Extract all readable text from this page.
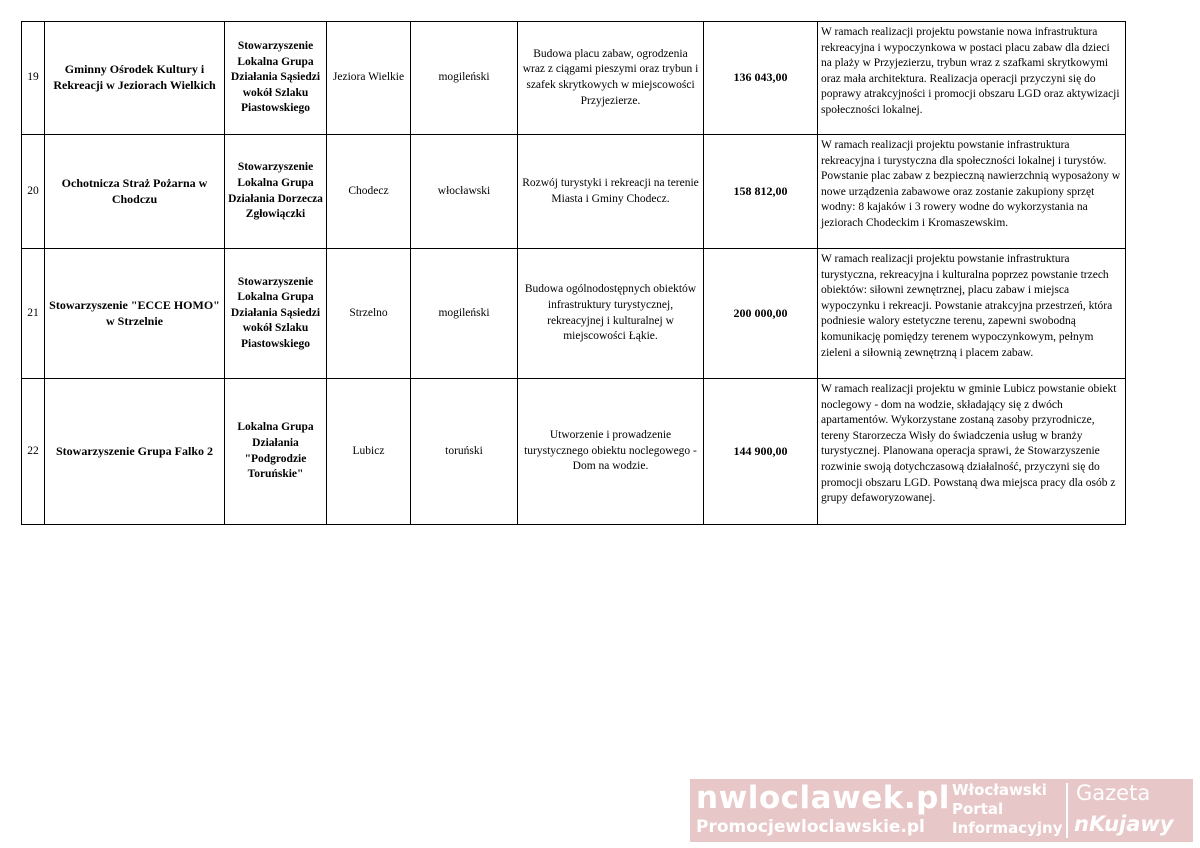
19	Gminny Ośrodek Kultury i Rekreacji w Jeziorach Wielkich	Stowarzyszenie Lokalna Grupa Działania Sąsiedzi wokół Szlaku Piastowskiego	Jeziora Wielkie	mogileński	Budowa placu zabaw, ogrodzenia wraz z ciągami pieszymi oraz trybun i szafek skrytkowych w miejscowości Przyjezierze.	136 043,00	W ramach realizacji projektu powstanie nowa infrastruktura rekreacyjna i wypoczynkowa w postaci placu zabaw dla dzieci na plaży w Przyjezierzu, trybun wraz z szafkami skrytkowymi oraz mała architektura. Realizacja operacji przyczyni się do poprawy atrakcyjności i promocji obszaru LGD oraz aktywizacji społeczności lokalnej.
20	Ochotnicza Straż Pożarna w Chodczu	Stowarzyszenie Lokalna Grupa Działania Dorzecza Zgłowiączki	Chodecz	włocławski	Rozwój turystyki i rekreacji na terenie Miasta i Gminy Chodecz.	158 812,00	W ramach realizacji projektu powstanie infrastruktura rekreacyjna i turystyczna dla społeczności lokalnej i turystów. Powstanie plac zabaw z bezpieczną nawierzchnią wyposażony w nowe urządzenia zabawowe oraz zostanie zakupiony sprzęt wodny: 8 kajaków i 3 rowery wodne do wykorzystania na jeziorach Chodeckim i Kromaszewskim.
21	Stowarzyszenie "ECCE HOMO" w Strzelnie	Stowarzyszenie Lokalna Grupa Działania Sąsiedzi wokół Szlaku Piastowskiego	Strzelno	mogileński	Budowa ogólnodostępnych obiektów infrastruktury turystycznej, rekreacyjnej i kulturalnej w miejscowości Łąkie.	200 000,00	W ramach realizacji projektu powstanie infrastruktura turystyczna, rekreacyjna i kulturalna poprzez powstanie trzech obiektów: siłowni zewnętrznej, placu zabaw i miejsca wypoczynku i rekreacji. Powstanie atrakcyjna przestrzeń, która podniesie walory estetyczne terenu, zapewni swobodną komunikację pomiędzy terenem wypoczynkowym, pełnym zieleni a siłownią zewnętrzną i placem zabaw.
22	Stowarzyszenie Grupa Falko 2	Lokalna Grupa Działania "Podgrodzie Toruńskie"	Lubicz	toruński	Utworzenie i prowadzenie turystycznego obiektu noclegowego - Dom na wodzie.	144 900,00	W ramach realizacji projektu w gminie Lubicz powstanie obiekt noclegowy - dom na wodzie, składający się z dwóch apartamentów. Wykorzystane zostaną zasoby przyrodnicze, tereny Starorzecza Wisły do świadczenia usług w branży turystycznej. Planowana operacja sprawi, że Stowarzyszenie rozwinie swoją dotychczasową działalność, przyczyni się do promocji obszaru LGD. Powstaną dwa miejsca pracy dla osób z grupy defaworyzowanej.
nwloclawek.pl
Promocjewloclawskie.pl
Włocławski Portal Informacyjny
Gazeta
nKujawy
